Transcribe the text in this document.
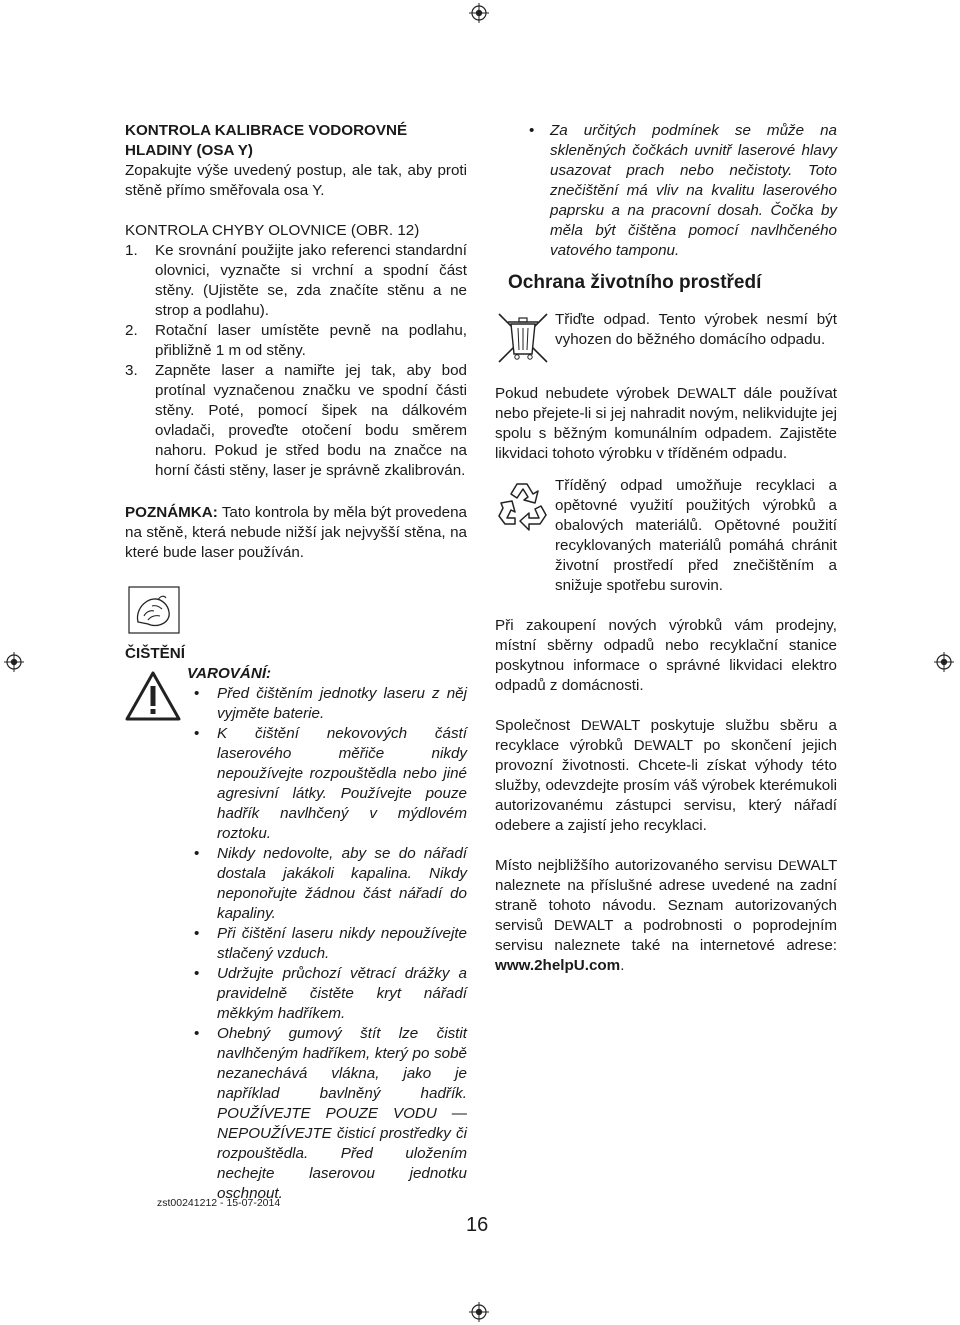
KONTROLA KALIBRACE VODOROVNÉ

HLADINY (OSA Y)

Zopakujte výše uvedený postup, ale tak, aby proti stěně přímo směřovala osa Y.

KONTROLA CHYBY OLOVNICE (OBR. 12)

1.	Ke srovnání použijte jako referenci standardní olovnici, vyznačte si vrchní a spodní část stěny. (Ujistěte se, zda značíte stěnu a ne strop a podlahu).
2.	Rotační laser umístěte pevně na podlahu, přibližně 1 m od stěny.
3.	Zapněte laser a namiřte jej tak, aby bod protínal vyznačenou značku ve spodní části stěny. Poté, pomocí šipek na dálkovém ovladači, proveďte otočení bodu směrem nahoru. Pokud je střed bodu na značce na horní části stěny, laser je správně zkalibrován.

POZNÁMKA: Tato kontrola by měla být provedena na stěně, která nebude nižší jak nejvyšší stěna, na které bude laser používán.

ČIŠTĚNÍ

VAROVÁNÍ:

•	Před čištěním jednotky laseru z něj vyjměte baterie.
•	K čištění nekovových částí laserového měřiče nikdy nepoužívejte rozpouštědla nebo jiné agresivní látky. Používejte pouze hadřík navlhčený v mýdlovém roztoku.
•	Nikdy nedovolte, aby se do nářadí dostala jakákoli kapalina. Nikdy neponořujte žádnou část nářadí do kapaliny.
•	Při čištění laseru nikdy nepoužívejte stlačený vzduch.
•	Udržujte průchozí větrací drážky a pravidelně čistěte kryt nářadí měkkým hadříkem.
•	Ohebný gumový štít lze čistit navlhčeným hadříkem, který po sobě nezanechává vlákna, jako je například bavlněný hadřík. POUŽÍVEJTE POUZE VODU — NEPOUŽÍVEJTE čisticí prostředky či rozpouštědla. Před uložením nechejte laserovou jednotku oschnout.
•	Za určitých podmínek se může na skleněných čočkách uvnitř laserové hlavy usazovat prach nebo nečistoty. Toto znečištění má vliv na kvalitu laserového paprsku a na pracovní dosah. Čočka by měla být čištěna pomocí navlhčeného vatového tamponu.

Ochrana životního prostředí

Třiďte odpad. Tento výrobek nesmí být vyhozen do běžného domácího odpadu.

Pokud nebudete výrobek DEWALT dále používat nebo přejete-li si jej nahradit novým, nelikvidujte jej spolu s běžným komunálním odpadem. Zajistěte likvidaci tohoto výrobku v tříděném odpadu.

Tříděný odpad umožňuje recyklaci a opětovné využití použitých výrobků a obalových materiálů. Opětovné použití recyklovaných materiálů pomáhá chránit životní prostředí před znečištěním a snižuje spotřebu surovin.

Při zakoupení nových výrobků vám prodejny, místní sběrny odpadů nebo recyklační stanice poskytnou informace o správné likvidaci elektro odpadů z domácnosti.

Společnost DEWALT poskytuje službu sběru a recyklace výrobků DEWALT po skončení jejich provozní životnosti. Chcete-li získat výhody této služby, odevzdejte prosím váš výrobek kterémukoli autorizovanému zástupci servisu, který nářadí odebere a zajistí jeho recyklaci.

Místo nejbližšího autorizovaného servisu DEWALT naleznete na příslušné adrese uvedené na zadní straně tohoto návodu. Seznam autorizovaných servisů DEWALT a podrobnosti o poprodejním servisu naleznete také na internetové adrese: www.2helpU.com.

zst00241212 - 15-07-2014
16
